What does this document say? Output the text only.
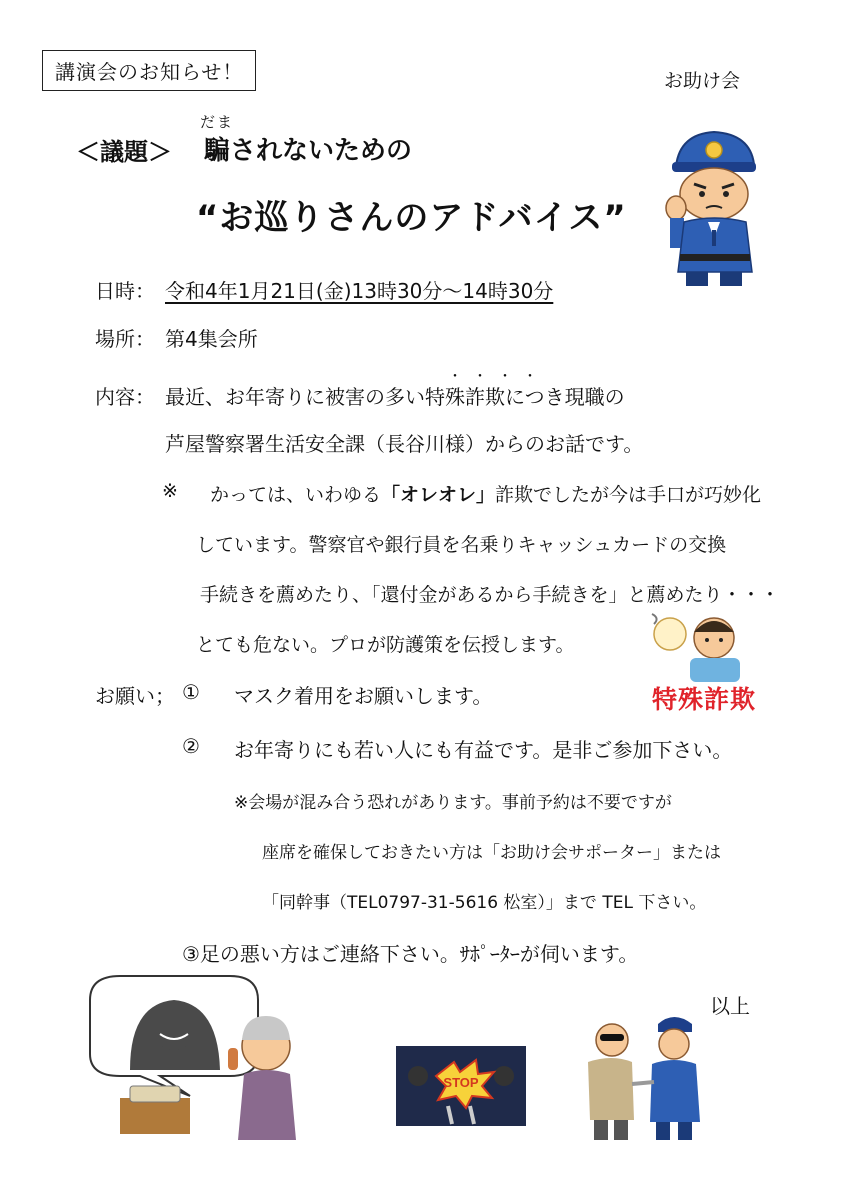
講演会のお知らせ！	お助け会
だま
＜議題＞ 騙されないための
“お巡りさんのアドバイス”
日時： 令和4年1月21日(金)13時30分～14時30分
場所： 第4集会所
・・・・
内容： 最近、お年寄りに被害の多い特殊詐欺につき現職の
芦屋警察署生活安全課（長谷川様）からのお話です。
※ かっては、いわゆる「オレオレ」詐欺でしたが今は手口が巧妙化
しています。警察官や銀行員を名乗りキャッシュカードの交換
手続きを薦めたり、「還付金があるから手続きを」と薦めたり・・・
とても危ない。プロが防護策を伝授します。
特殊詐欺
お願い； ① マスク着用をお願いします。
② お年寄りにも若い人にも有益です。是非ご参加下さい。
※会場が混み合う恐れがあります。事前予約は不要ですが
座席を確保しておきたい方は「お助け会サポーター」または
「同幹事（TEL0797-31-5616 松室）」まで TEL 下さい。
③足の悪い方はご連絡下さい。ｻﾎﾟｰﾀｰが伺います。
以上
STOP
